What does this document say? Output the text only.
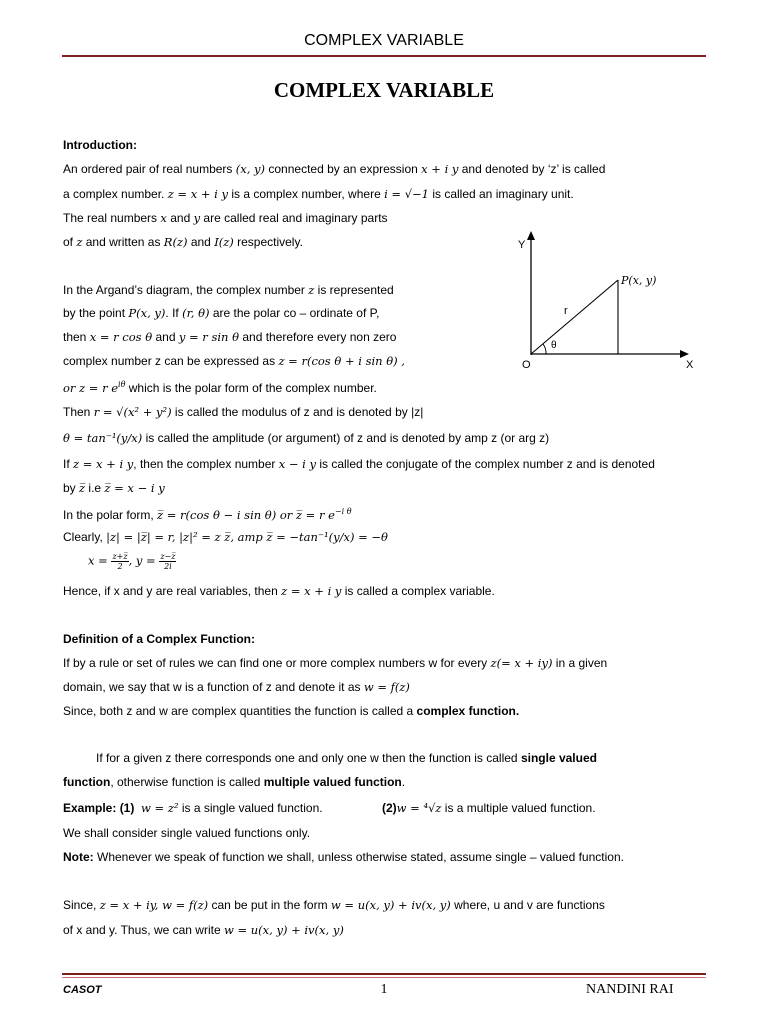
COMPLEX VARIABLE
COMPLEX VARIABLE
Introduction:
An ordered pair of real numbers (x, y) connected by an expression x + i y and denoted by ‘z’ is called
a complex number. z = x + i y is a complex number, where i = √−1 is called an imaginary unit.
The real numbers x and y are called real and imaginary parts
of z and written as R(z) and I(z) respectively.
In the Argand’s diagram, the complex number z is represented
by the point P(x, y). If (r, θ) are the polar co – ordinate of P,
then x = r cos θ and y = r sin θ and therefore every non zero
complex number z can be expressed as z = r(cos θ + i sin θ) ,
or z = r $e^{i\theta}$ which is the polar form of the complex number.
Y
X
O
r
θ
P(x, y)
Then r = √(x² + y²) is called the modulus of z and is denoted by |z|
θ = tan⁻¹(y/x) is called the amplitude (or argument) of z and is denoted by amp z (or arg z)
If z = x + i y, then the complex number x − i y is called the conjugate of the complex number z and is denoted
by z̅ i.e z̅ = x − i y
In the polar form, z̅ = r(cos θ − i sin θ) or z̅ = r $e^{-i \theta}$
Clearly, |z| = |z̅| = r, |z|² = z z̅, amp z̅ = −tan⁻¹(y/x) = −θ
$x = \frac{z+z̅}{2}$ , $y = \frac{z-z̅}{2i}$
Hence, if x and y are real variables, then z = x + i y is called a complex variable.
Definition of a Complex Function:
If by a rule or set of rules we can find one or more complex numbers w for every z(= x + iy) in a given
domain, we say that w is a function of z and denote it as w = f(z)
Since, both z and w are complex quantities the function is called a complex function.
If for a given z there corresponds one and only one w then the function is called single valued
function, otherwise function is called multiple valued function.
Example: (1) w = z² is a single valued function.	(2)w = ⁴√z is a multiple valued function.
We shall consider single valued functions only.
Note: Whenever we speak of function we shall, unless otherwise stated, assume single – valued function.
Since, z = x + iy, w = f(z) can be put in the form w = u(x, y) + iv(x, y) where, u and v are functions
of x and y. Thus, we can write w = u(x, y) + iv(x, y)
CASOT	1	NANDINI RAI
